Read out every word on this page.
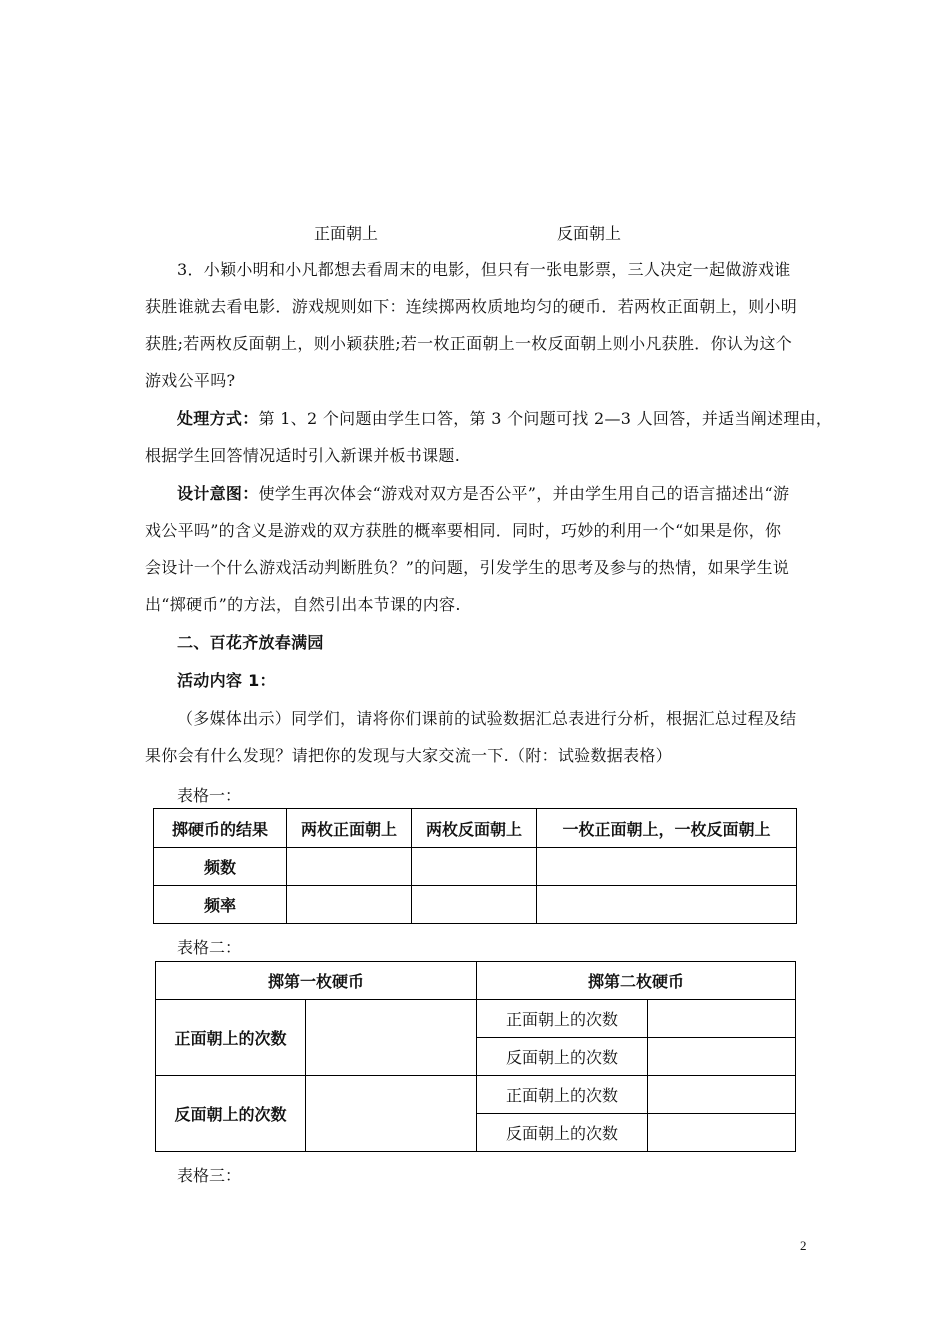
正面朝上	反面朝上
3．小颖小明和小凡都想去看周末的电影，但只有一张电影票，三人决定一起做游戏谁
获胜谁就去看电影．游戏规则如下：连续掷两枚质地均匀的硬币．若两枚正面朝上，则小明
获胜;若两枚反面朝上，则小颖获胜;若一枚正面朝上一枚反面朝上则小凡获胜．你认为这个
游戏公平吗?
处理方式：第 1、2 个问题由学生口答，第 3 个问题可找 2—3 人回答，并适当阐述理由，
根据学生回答情况适时引入新课并板书课题.
设计意图：使学生再次体会“游戏对双方是否公平”，并由学生用自己的语言描述出“游
戏公平吗”的含义是游戏的双方获胜的概率要相同．同时，巧妙的利用一个“如果是你，你
会设计一个什么游戏活动判断胜负？”的问题，引发学生的思考及参与的热情，如果学生说
出“掷硬币”的方法，自然引出本节课的内容.
二、百花齐放春满园
活动内容 1：
（多媒体出示）同学们，请将你们课前的试验数据汇总表进行分析，根据汇总过程及结
果你会有什么发现？请把你的发现与大家交流一下.（附：试验数据表格）
表格一：
掷硬币的结果	两枚正面朝上	两枚反面朝上	一枚正面朝上，一枚反面朝上
频数			
频率			
表格二：
掷第一枚硬币		掷第二枚硬币	
正面朝上的次数		正面朝上的次数	
		反面朝上的次数	
反面朝上的次数		正面朝上的次数	
		反面朝上的次数	
表格三：
2
